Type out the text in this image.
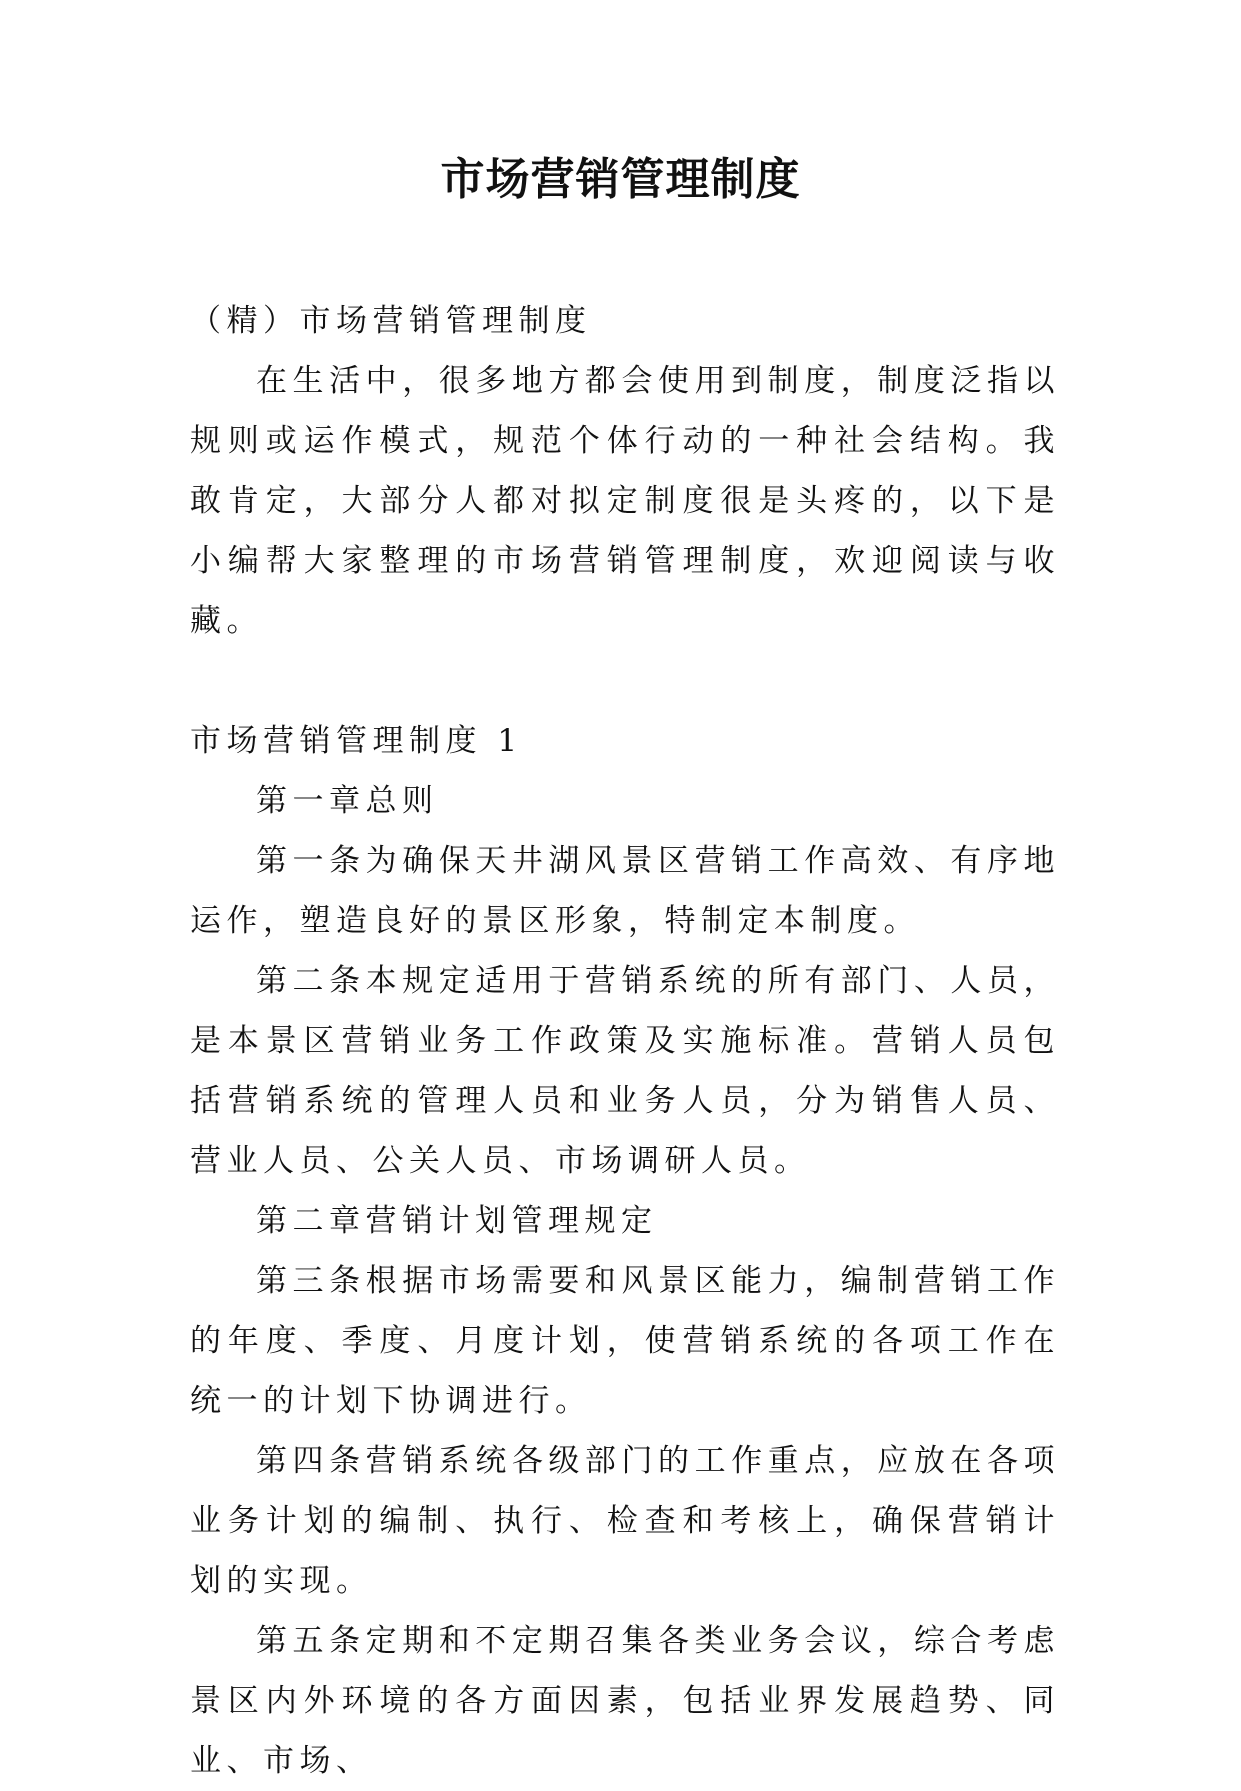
市场营销管理制度

（精）市场营销管理制度

在生活中，很多地方都会使用到制度，制度泛指以规则或运作模式，规范个体行动的一种社会结构。我敢肯定，大部分人都对拟定制度很是头疼的，以下是小编帮大家整理的市场营销管理制度，欢迎阅读与收藏。

市场营销管理制度 1

第一章总则

第一条为确保天井湖风景区营销工作高效、有序地运作，塑造良好的景区形象，特制定本制度。

第二条本规定适用于营销系统的所有部门、人员，是本景区营销业务工作政策及实施标准。营销人员包括营销系统的管理人员和业务人员，分为销售人员、营业人员、公关人员、市场调研人员。

第二章营销计划管理规定

第三条根据市场需要和风景区能力，编制营销工作的年度、季度、月度计划，使营销系统的各项工作在统一的计划下协调进行。

第四条营销系统各级部门的工作重点，应放在各项业务计划的编制、执行、检查和考核上，确保营销计划的实现。

第五条定期和不定期召集各类业务会议，综合考虑景区内外环境的各方面因素，包括业界发展趋势、同业、市场、
